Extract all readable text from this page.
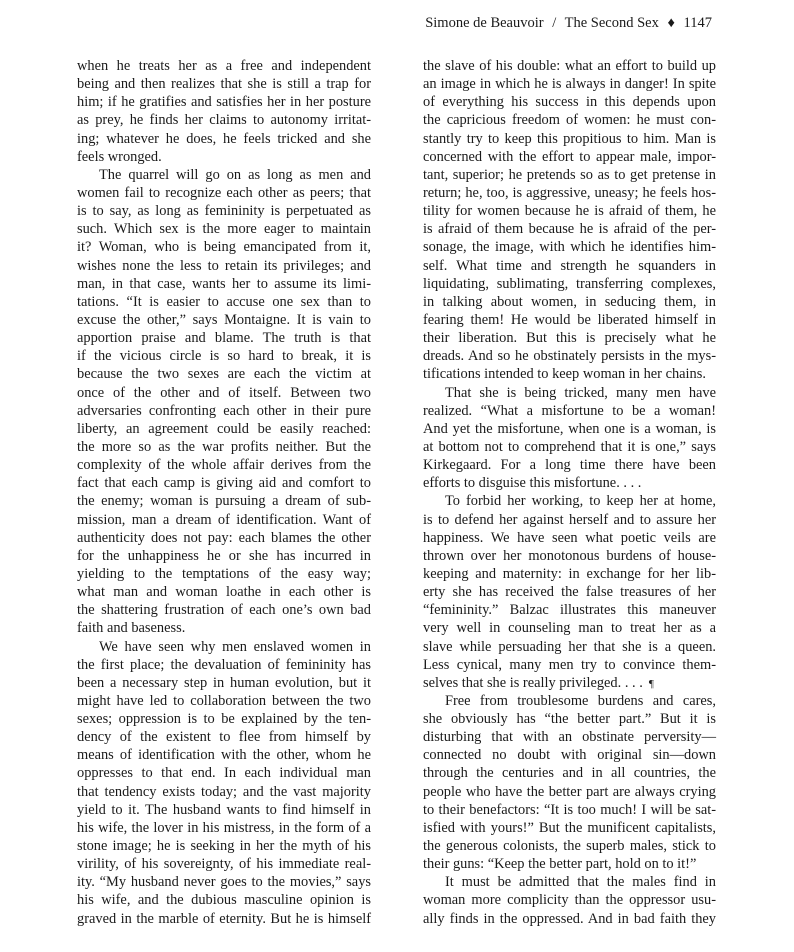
Simone de Beauvoir / The Second Sex ♦ 1147
when he treats her as a free and independent
being and then realizes that she is still a trap for
him; if he gratifies and satisfies her in her posture
as prey, he finds her claims to autonomy irritat-
ing; whatever he does, he feels tricked and she
feels wronged.
The quarrel will go on as long as men and
women fail to recognize each other as peers; that
is to say, as long as femininity is perpetuated as
such. Which sex is the more eager to maintain
it? Woman, who is being emancipated from it,
wishes none the less to retain its privileges; and
man, in that case, wants her to assume its limi-
tations. “It is easier to accuse one sex than to
excuse the other,” says Montaigne. It is vain to
apportion praise and blame. The truth is that
if the vicious circle is so hard to break, it is
because the two sexes are each the victim at
once of the other and of itself. Between two
adversaries confronting each other in their pure
liberty, an agreement could be easily reached:
the more so as the war profits neither. But the
complexity of the whole affair derives from the
fact that each camp is giving aid and comfort to
the enemy; woman is pursuing a dream of sub-
mission, man a dream of identification. Want of
authenticity does not pay: each blames the other
for the unhappiness he or she has incurred in
yielding to the temptations of the easy way;
what man and woman loathe in each other is
the shattering frustration of each one’s own bad
faith and baseness.
We have seen why men enslaved women in
the first place; the devaluation of femininity has
been a necessary step in human evolution, but it
might have led to collaboration between the two
sexes; oppression is to be explained by the ten-
dency of the existent to flee from himself by
means of identification with the other, whom he
oppresses to that end. In each individual man
that tendency exists today; and the vast majority
yield to it. The husband wants to find himself in
his wife, the lover in his mistress, in the form of a
stone image; he is seeking in her the myth of his
virility, of his sovereignty, of his immediate real-
ity. “My husband never goes to the movies,” says
his wife, and the dubious masculine opinion is
graved in the marble of eternity. But he is himself
the slave of his double: what an effort to build up
an image in which he is always in danger! In spite
of everything his success in this depends upon
the capricious freedom of women: he must con-
stantly try to keep this propitious to him. Man is
concerned with the effort to appear male, impor-
tant, superior; he pretends so as to get pretense in
return; he, too, is aggressive, uneasy; he feels hos-
tility for women because he is afraid of them, he
is afraid of them because he is afraid of the per-
sonage, the image, with which he identifies him-
self. What time and strength he squanders in
liquidating, sublimating, transferring complexes,
in talking about women, in seducing them, in
fearing them! He would be liberated himself in
their liberation. But this is precisely what he
dreads. And so he obstinately persists in the mys-
tifications intended to keep woman in her chains.
That she is being tricked, many men have
realized. “What a misfortune to be a woman!
And yet the misfortune, when one is a woman, is
at bottom not to comprehend that it is one,” says
Kirkegaard. For a long time there have been
efforts to disguise this misfortune. . . .
To forbid her working, to keep her at home,
is to defend her against herself and to assure her
happiness. We have seen what poetic veils are
thrown over her monotonous burdens of house-
keeping and maternity: in exchange for her lib-
erty she has received the false treasures of her
“femininity.” Balzac illustrates this maneuver
very well in counseling man to treat her as a
slave while persuading her that she is a queen.
Less cynical, many men try to convince them-
selves that she is really privileged. . . . ¶
Free from troublesome burdens and cares,
she obviously has “the better part.” But it is
disturbing that with an obstinate perversity—
connected no doubt with original sin—down
through the centuries and in all countries, the
people who have the better part are always crying
to their benefactors: “It is too much! I will be sat-
isfied with yours!” But the munificent capitalists,
the generous colonists, the superb males, stick to
their guns: “Keep the better part, hold on to it!”
It must be admitted that the males find in
woman more complicity than the oppressor usu-
ally finds in the oppressed. And in bad faith they
